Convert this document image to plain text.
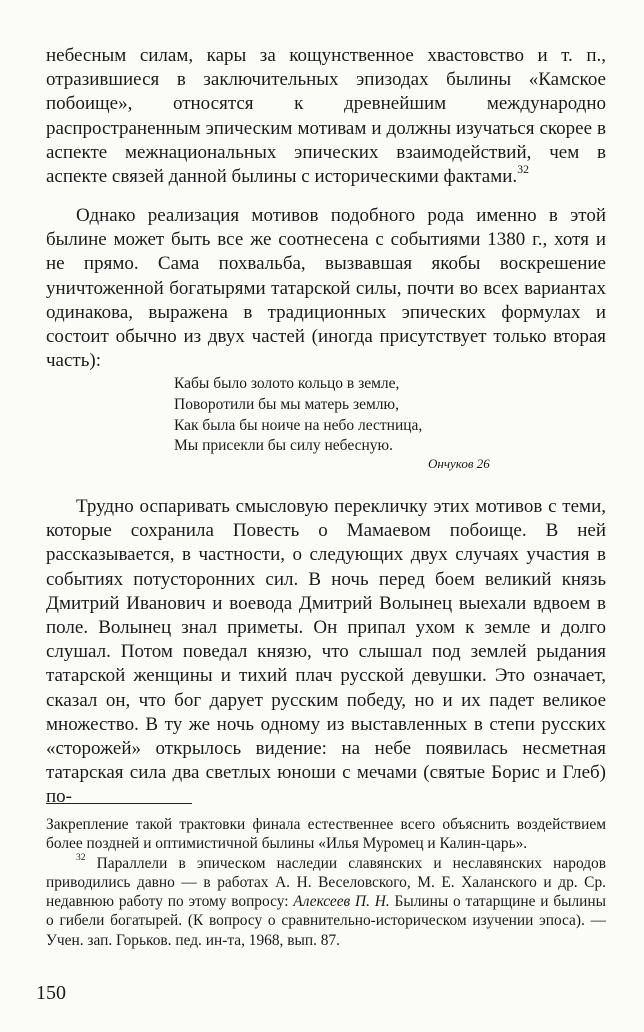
небесным силам, кары за кощунственное хвастовство и т. п., отразившиеся в заключительных эпизодах былины «Камское побоище», относятся к древнейшим международно распространенным эпическим мотивам и должны изучаться скорее в аспекте межнациональных эпических взаимодействий, чем в аспекте связей данной былины с историческими фактами.$^{32}$
Однако реализация мотивов подобного рода именно в этой былине может быть все же соотнесена с событиями 1380 г., хотя и не прямо. Сама похвальба, вызвавшая якобы воскрешение уничтоженной богатырями татарской силы, почти во всех вариантах одинакова, выражена в традиционных эпических формулах и состоит обычно из двух частей (иногда присутствует только вторая часть):
Кабы было золото кольцо в земле,
Поворотили бы мы матерь землю,
Как была бы ноиче на небо лестница,
Мы присекли бы силу небесную.
Ончуков 26
Трудно оспаривать смысловую перекличку этих мотивов с теми, которые сохранила Повесть о Мамаевом побоище. В ней рассказывается, в частности, о следующих двух случаях участия в событиях потусторонних сил. В ночь перед боем великий князь Дмитрий Иванович и воевода Дмитрий Волынец выехали вдвоем в поле. Волынец знал приметы. Он припал ухом к земле и долго слушал. Потом поведал князю, что слышал под землей рыдания татарской женщины и тихий плач русской девушки. Это означает, сказал он, что бог дарует русским победу, но и их падет великое множество. В ту же ночь одному из выставленных в степи русских «сторожей» открылось видение: на небе появилась несметная татарская сила два светлых юноши с мечами (святые Борис и Глеб) по-
Закрепление такой трактовки финала естественнее всего объяснить воздействием более поздней и оптимистичной былины «Илья Муромец и Калин-царь».
$^{32}$ Параллели в эпическом наследии славянских и неславянских народов приводились давно — в работах А. Н. Веселовского, М. Е. Халанского и др. Ср. недавнюю работу по этому вопросу: Алексеев П. Н. Былины о татарщине и былины о гибели богатырей. (К вопросу о сравнительно-историческом изучении эпоса). — Учен. зап. Горьков. пед. ин-та, 1968, вып. 87.
150
